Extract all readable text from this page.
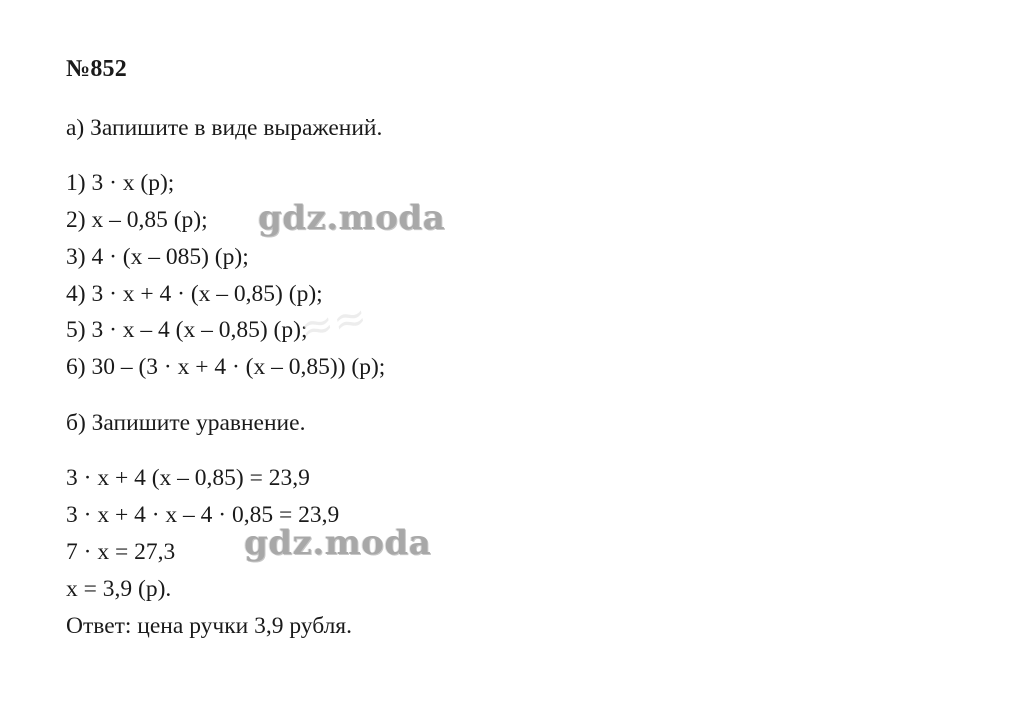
№852
а) Запишите в виде выражений.
1) 3 · x (р);
2) x – 0,85 (р);
3) 4 · (x – 085) (р);
4) 3 · x + 4 · (x – 0,85) (р);
5) 3 · x – 4 (x – 0,85) (р);
6) 30 – (3 · x + 4 · (x – 0,85)) (р);
б) Запишите уравнение.
3 · x + 4 (x – 0,85) = 23,9
3 · x + 4 · x – 4 · 0,85 = 23,9
7 · x = 27,3
x = 3,9 (р).
Ответ: цена ручки 3,9 рубля.
gdz.moda
gdz.moda
≈≈
